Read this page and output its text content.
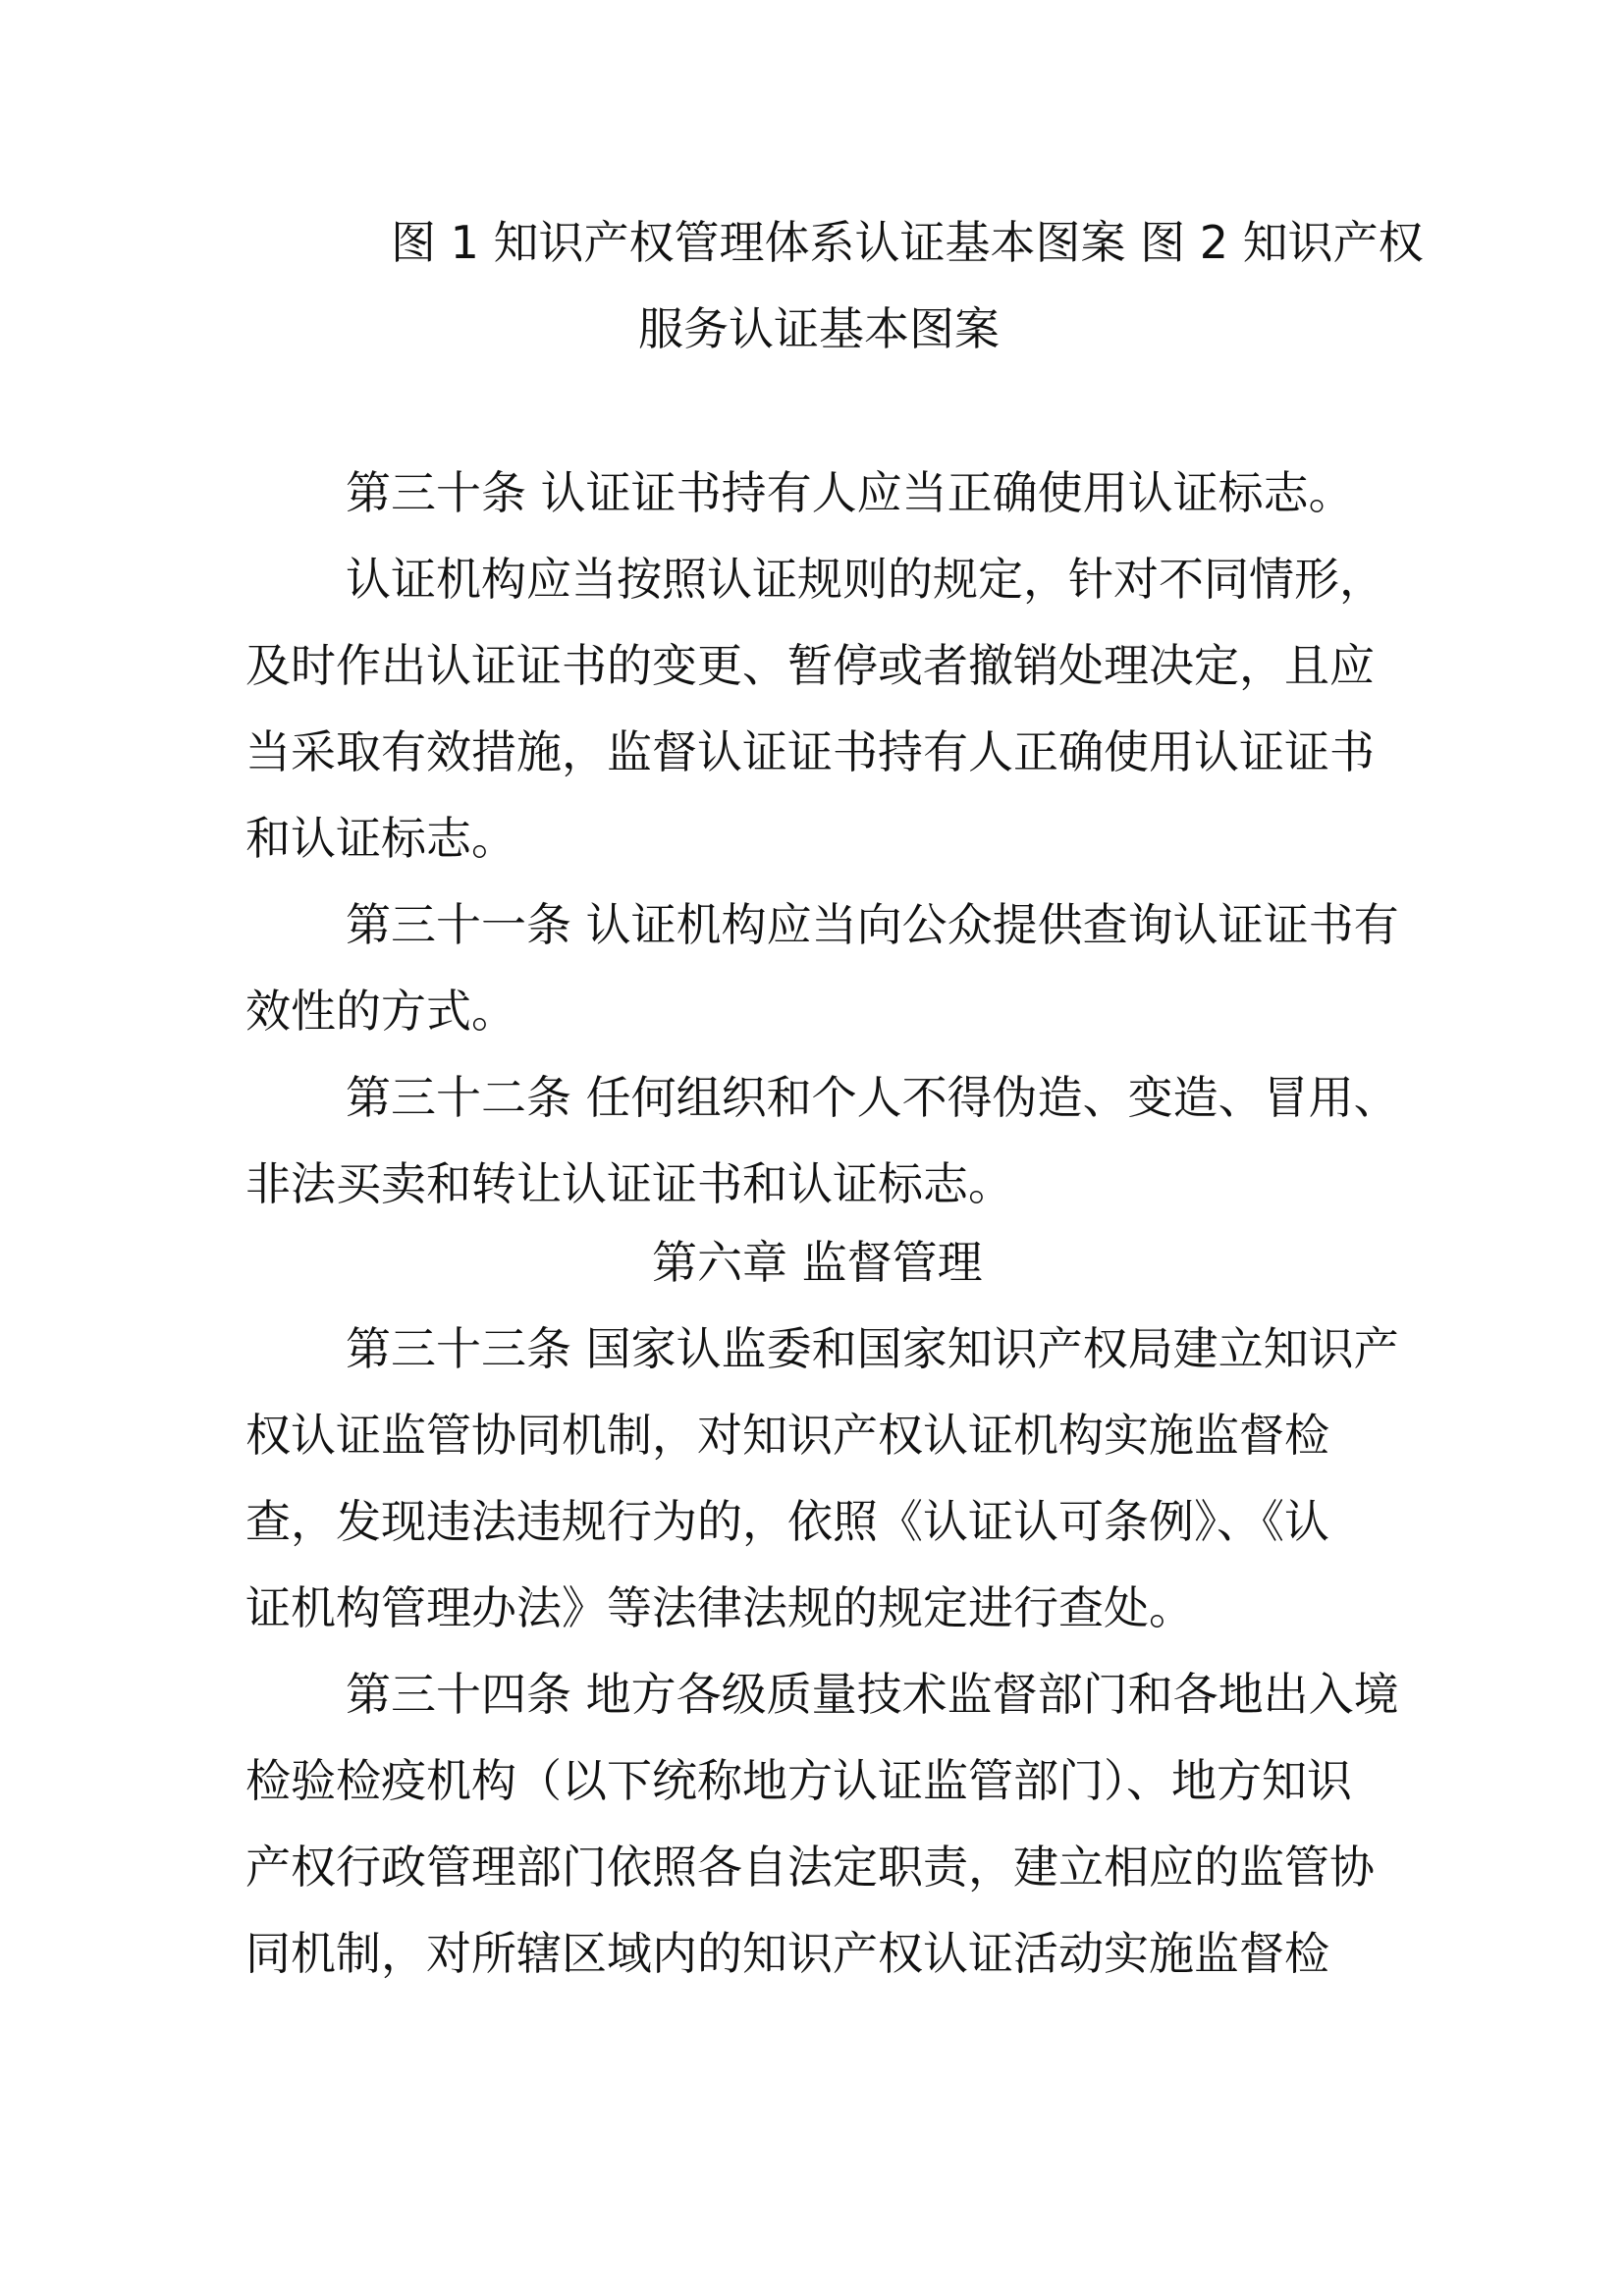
图 1 知识产权管理体系认证基本图案 图 2 知识产权
服务认证基本图案
第三十条 认证证书持有人应当正确使用认证标志。
认证机构应当按照认证规则的规定，针对不同情形，
及时作出认证证书的变更、暂停或者撤销处理决定，且应
当采取有效措施，监督认证证书持有人正确使用认证证书
和认证标志。
第三十一条 认证机构应当向公众提供查询认证证书有
效性的方式。
第三十二条 任何组织和个人不得伪造、变造、冒用、
非法买卖和转让认证证书和认证标志。
第六章 监督管理
第三十三条 国家认监委和国家知识产权局建立知识产
权认证监管协同机制，对知识产权认证机构实施监督检
查，发现违法违规行为的，依照《认证认可条例》、《认
证机构管理办法》等法律法规的规定进行查处。
第三十四条 地方各级质量技术监督部门和各地出入境
检验检疫机构（以下统称地方认证监管部门）、地方知识
产权行政管理部门依照各自法定职责，建立相应的监管协
同机制，对所辖区域内的知识产权认证活动实施监督检
